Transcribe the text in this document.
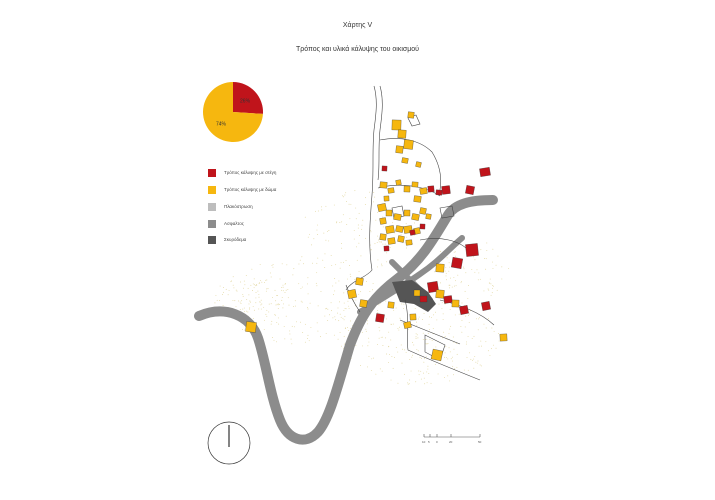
Χάρτης V
Τρόπος και υλικά κάλυψης του οικισμού
26%
74%
10 5 0	20	50
Τρόπος κάλυψης με στέγη
Τρόπος κάλυψης με δώμα
Πλακόστρωση
Ασφαλτος
Σκυρόδεμα
